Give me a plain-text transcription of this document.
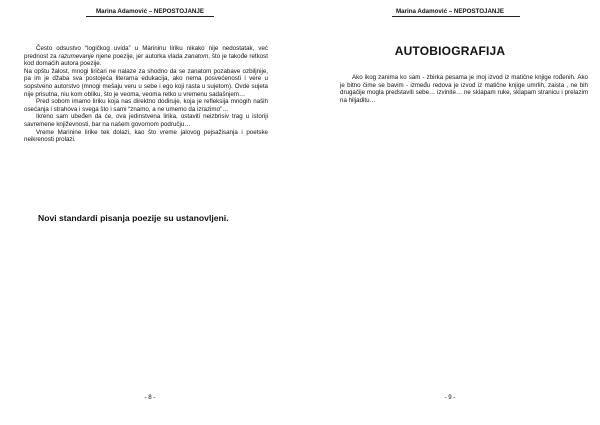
Marina Adamović – NEPOSTOJANJE

Često odsustvo “logičkog uvida” u Marininu liriku nikako nije nedostatak, već prednost za razumevanje njene poezije, jer autorka vlada zanatom, što je takođe retkost kod domaćih autora poezije.

Na opštu žalost, mnogi liričari ne nalaze za shodno da se zanatom pozabave ozbiljnije, pa im je džaba sva postojeća literarna edukacija, ako nema posvećenosti i vere u sopstveno autorstvo (mnogi mešaju veru u sebe i ego koji rasta u sujetom). Ovde sujeta nije prisutna, niu kom obliku, što je veoma, veoma retko u vremenu sadašnjem…

Pred sobom imamo liriku koja nas direktno dodiruje, koja je refleksija mnogih naših osećanja i strahova i svega što i sami “znamo, a ne umemo da izrazimo”…

Ikreno sam ubeđen da će, ova jedinstvena lirika, ostaviti neizbrisiv trag u istoriji savremene književnosti, bar na našem govornom području…

Vreme Marinine lirike tek dolazi, kao što vreme jalovog pejsažisanja i poetske neikrenosti prolazi.

Novi standardi pisanja poezije su ustanovljeni.
- 8 -
Marina Adamović – NEPOSTOJANJE
AUTOBIOGRAFIJA

Ako ikog zanima ko sam - zbirka pesama je moj izvod iz matične knjige rođenih. Ako je bitno čime se bavim - između redova je izvod iz matične knjige umrlih, zaista , ne bih drugačije mogla predstaviti sebe… izvinite… ne sklapam ruke, sklapam stranicu i prelazim na hiljaditu…

- 9 -
